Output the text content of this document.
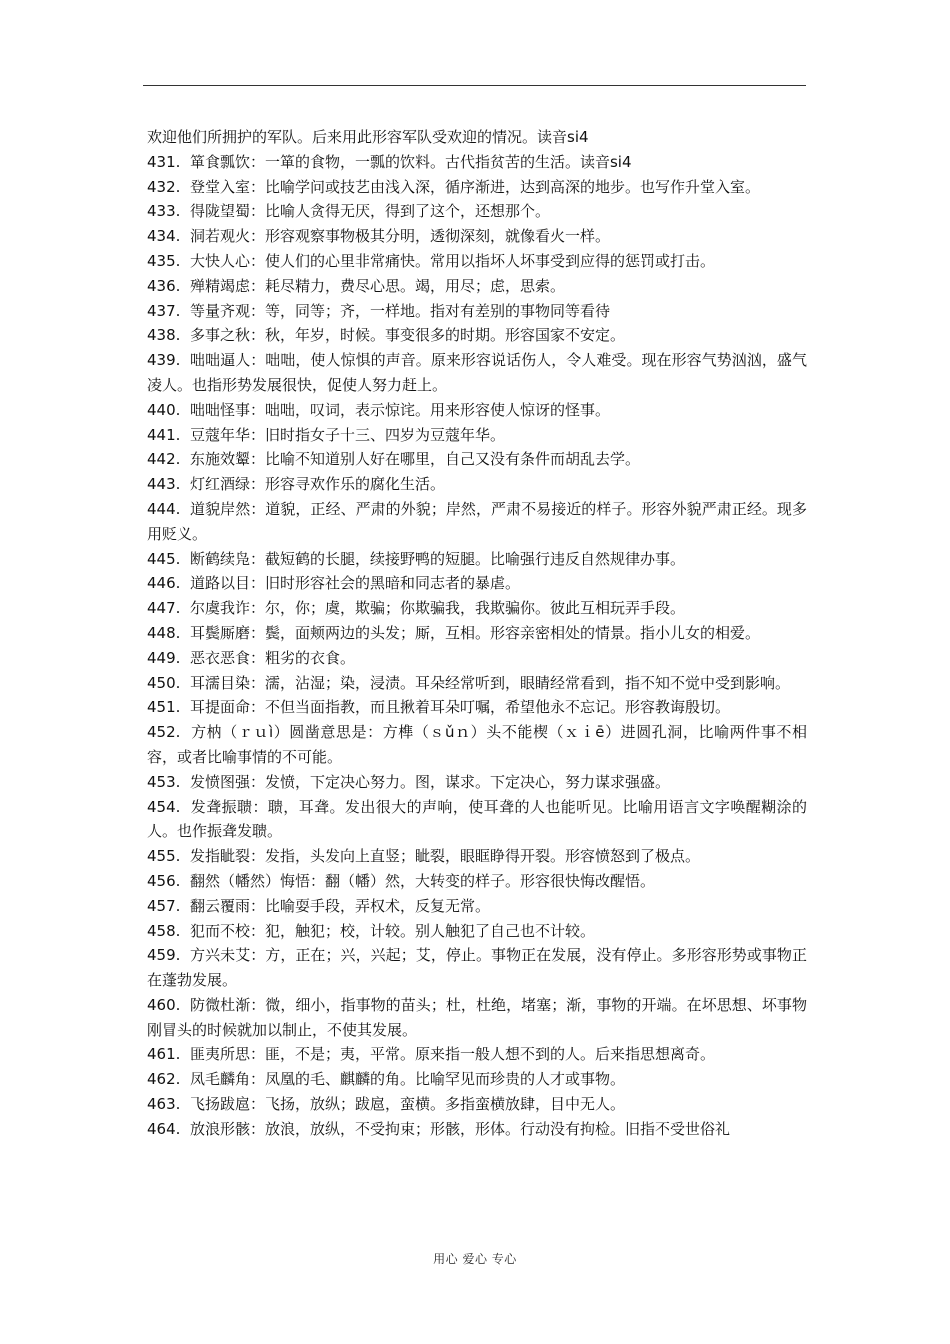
欢迎他们所拥护的军队。后来用此形容军队受欢迎的情况。读音si4

431. 箪食瓢饮：一箪的食物，一瓢的饮料。古代指贫苦的生活。读音si4

432. 登堂入室：比喻学问或技艺由浅入深，循序渐进，达到高深的地步。也写作升堂入室。

433. 得陇望蜀：比喻人贪得无厌，得到了这个，还想那个。

434. 洞若观火：形容观察事物极其分明，透彻深刻，就像看火一样。

435. 大快人心：使人们的心里非常痛快。常用以指坏人坏事受到应得的惩罚或打击。

436. 殚精竭虑：耗尽精力，费尽心思。竭，用尽；虑，思索。

437. 等量齐观：等，同等；齐，一样地。指对有差别的事物同等看待

438. 多事之秋：秋，年岁，时候。事变很多的时期。形容国家不安定。

439. 咄咄逼人：咄咄，使人惊惧的声音。原来形容说话伤人，令人难受。现在形容气势汹汹，盛气凌人。也指形势发展很快，促使人努力赶上。

440. 咄咄怪事：咄咄，叹词，表示惊诧。用来形容使人惊讶的怪事。

441. 豆蔻年华：旧时指女子十三、四岁为豆蔻年华。

442. 东施效颦：比喻不知道别人好在哪里，自己又没有条件而胡乱去学。

443. 灯红酒绿：形容寻欢作乐的腐化生活。

444. 道貌岸然：道貌，正经、严肃的外貌；岸然，严肃不易接近的样子。形容外貌严肃正经。现多用贬义。

445. 断鹤续凫：截短鹤的长腿，续接野鸭的短腿。比喻强行违反自然规律办事。

446. 道路以目：旧时形容社会的黑暗和同志者的暴虐。

447. 尔虞我诈：尔，你；虞，欺骗；你欺骗我，我欺骗你。彼此互相玩弄手段。

448. 耳鬓厮磨：鬓，面颊两边的头发；厮，互相。形容亲密相处的情景。指小儿女的相爱。

449. 恶衣恶食：粗劣的衣食。

450. 耳濡目染：濡，沾湿；染，浸渍。耳朵经常听到，眼睛经常看到，指不知不觉中受到影响。

451. 耳提面命：不但当面指教，而且揪着耳朵叮嘱，希望他永不忘记。形容教诲殷切。

452. 方枘（ｒｕì）圆凿意思是：方榫（ｓǔｎ）头不能楔（ｘｉē）进圆孔洞，比喻两件事不相容，或者比喻事情的不可能。

453. 发愤图强：发愤，下定决心努力。图，谋求。下定决心，努力谋求强盛。

454. 发聋振聩：聩，耳聋。发出很大的声响，使耳聋的人也能听见。比喻用语言文字唤醒糊涂的人。也作振聋发聩。

455. 发指眦裂：发指，头发向上直竖；眦裂，眼眶睁得开裂。形容愤怒到了极点。

456. 翻然（幡然）悔悟：翻（幡）然，大转变的样子。形容很快悔改醒悟。

457. 翻云覆雨：比喻耍手段，弄权术，反复无常。

458. 犯而不校：犯，触犯；校，计较。别人触犯了自己也不计较。

459. 方兴未艾：方，正在；兴，兴起；艾，停止。事物正在发展，没有停止。多形容形势或事物正在蓬勃发展。

460. 防微杜渐：微，细小，指事物的苗头；杜，杜绝，堵塞；渐，事物的开端。在坏思想、坏事物刚冒头的时候就加以制止，不使其发展。

461. 匪夷所思：匪，不是；夷，平常。原来指一般人想不到的人。后来指思想离奇。

462. 凤毛麟角：凤凰的毛、麒麟的角。比喻罕见而珍贵的人才或事物。

463. 飞扬跋扈：飞扬，放纵；跋扈，蛮横。多指蛮横放肆，目中无人。

464. 放浪形骸：放浪，放纵，不受拘束；形骸，形体。行动没有拘检。旧指不受世俗礼

用心 爱心 专心
